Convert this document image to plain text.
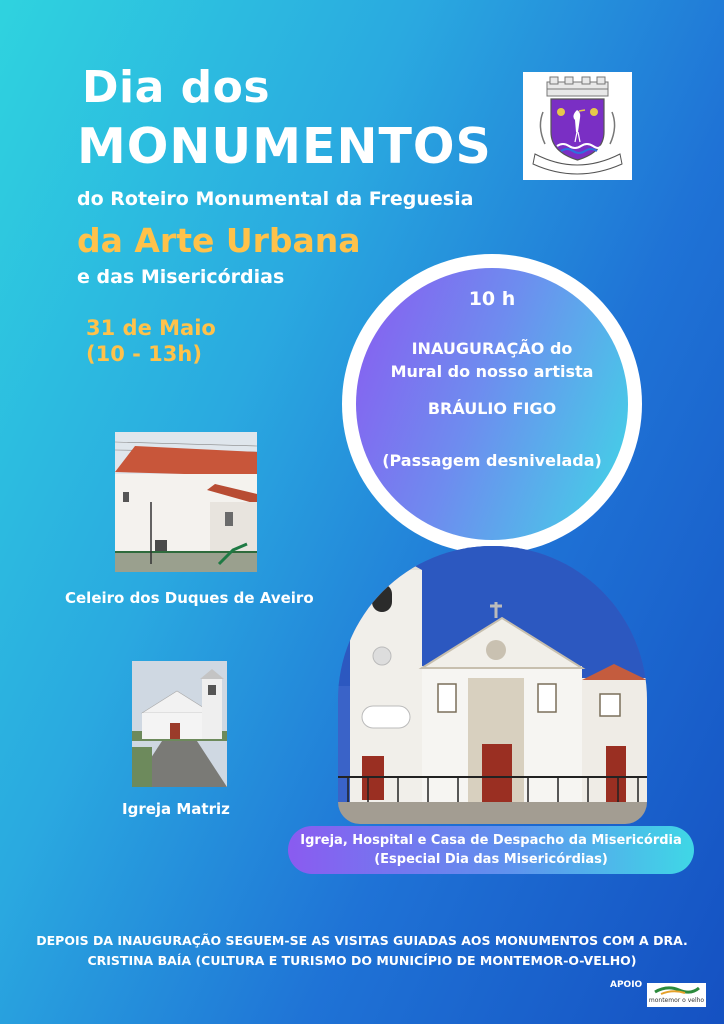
Dia dos
MONUMENTOS
do Roteiro Monumental da Freguesia
da Arte Urbana
e das Misericórdias
31 de Maio
(10 - 13h)
10 h
INAUGURAÇÃO do
Mural do nosso artista
BRÁULIO FIGO
(Passagem desnivelada)
Celeiro dos Duques de Aveiro
Igreja Matriz
Igreja, Hospital e Casa de Despacho da Misericórdia
(Especial Dia das Misericórdias)
DEPOIS DA INAUGURAÇÃO SEGUEM-SE AS VISITAS GUIADAS AOS MONUMENTOS COM A DRA.
CRISTINA BAÍA (CULTURA E TURISMO DO MUNICÍPIO DE MONTEMOR-O-VELHO)
APOIO
montemor o velho
